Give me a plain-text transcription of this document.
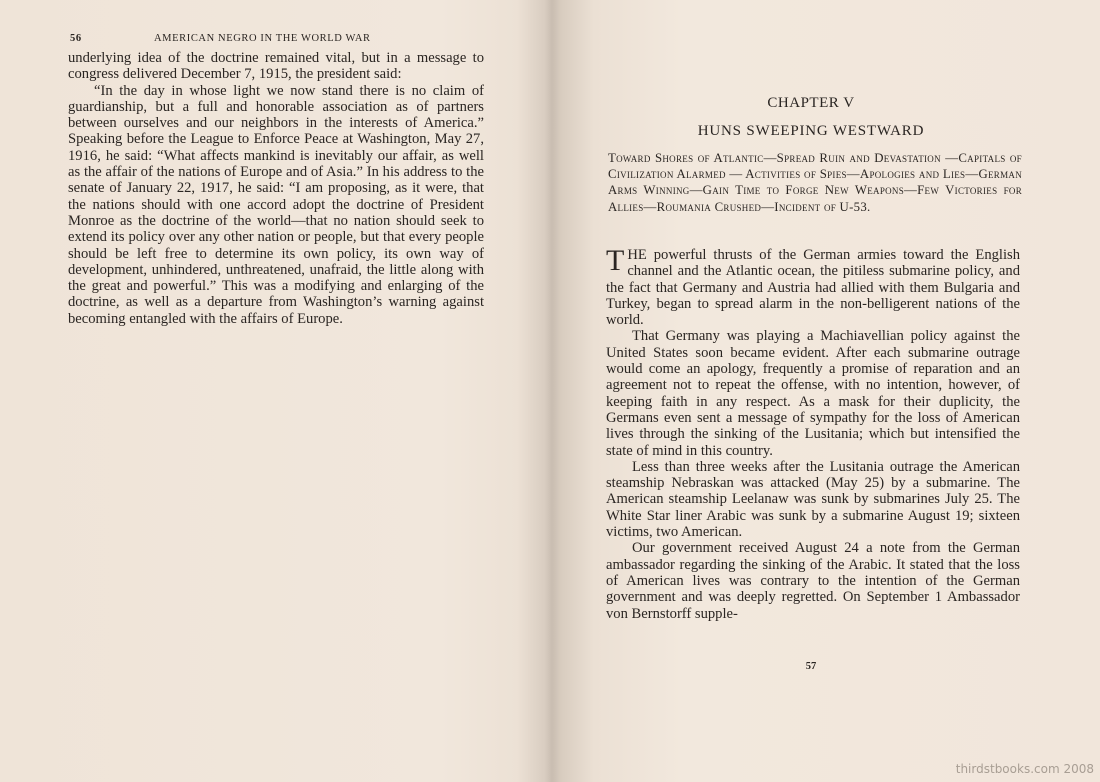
56	AMERICAN NEGRO IN THE WORLD WAR

underlying idea of the doctrine remained vital, but in a message to congress delivered December 7, 1915, the president said:

“In the day in whose light we now stand there is no claim of guardianship, but a full and honorable association as of partners between ourselves and our neighbors in the interests of America.” Speaking before the League to Enforce Peace at Washington, May 27, 1916, he said: “What affects mankind is inevitably our affair, as well as the affair of the nations of Europe and of Asia.” In his address to the senate of January 22, 1917, he said: “I am proposing, as it were, that the nations should with one accord adopt the doctrine of President Monroe as the doctrine of the world—that no nation should seek to extend its policy over any other nation or people, but that every people should be left free to determine its own policy, its own way of development, unhindered, unthreatened, unafraid, the little along with the great and powerful.” This was a modifying and enlarging of the doctrine, as well as a departure from Washington’s warning against becoming entangled with the affairs of Europe.

CHAPTER V
HUNS SWEEPING WESTWARD
Toward Shores of Atlantic—Spread Ruin and Devastation —Capitals of Civilization Alarmed — Activities of Spies—Apologies and Lies—German Arms Winning—Gain Time to Forge New Weapons—Few Victories for Allies—Roumania Crushed—Incident of U-53.

THE powerful thrusts of the German armies toward the English channel and the Atlantic ocean, the pitiless submarine policy, and the fact that Germany and Austria had allied with them Bulgaria and Turkey, began to spread alarm in the non-belligerent nations of the world.

That Germany was playing a Machiavellian policy against the United States soon became evident. After each submarine outrage would come an apology, frequently a promise of reparation and an agreement not to repeat the offense, with no intention, however, of keeping faith in any respect. As a mask for their duplicity, the Germans even sent a message of sympathy for the loss of American lives through the sinking of the Lusitania; which but intensified the state of mind in this country.

Less than three weeks after the Lusitania outrage the American steamship Nebraskan was attacked (May 25) by a submarine. The American steamship Leelanaw was sunk by submarines July 25. The White Star liner Arabic was sunk by a submarine August 19; sixteen victims, two American.

Our government received August 24 a note from the German ambassador regarding the sinking of the Arabic. It stated that the loss of American lives was contrary to the intention of the German government and was deeply regretted. On September 1 Ambassador von Bernstorff supple-

57
thirdstbooks.com 2008
